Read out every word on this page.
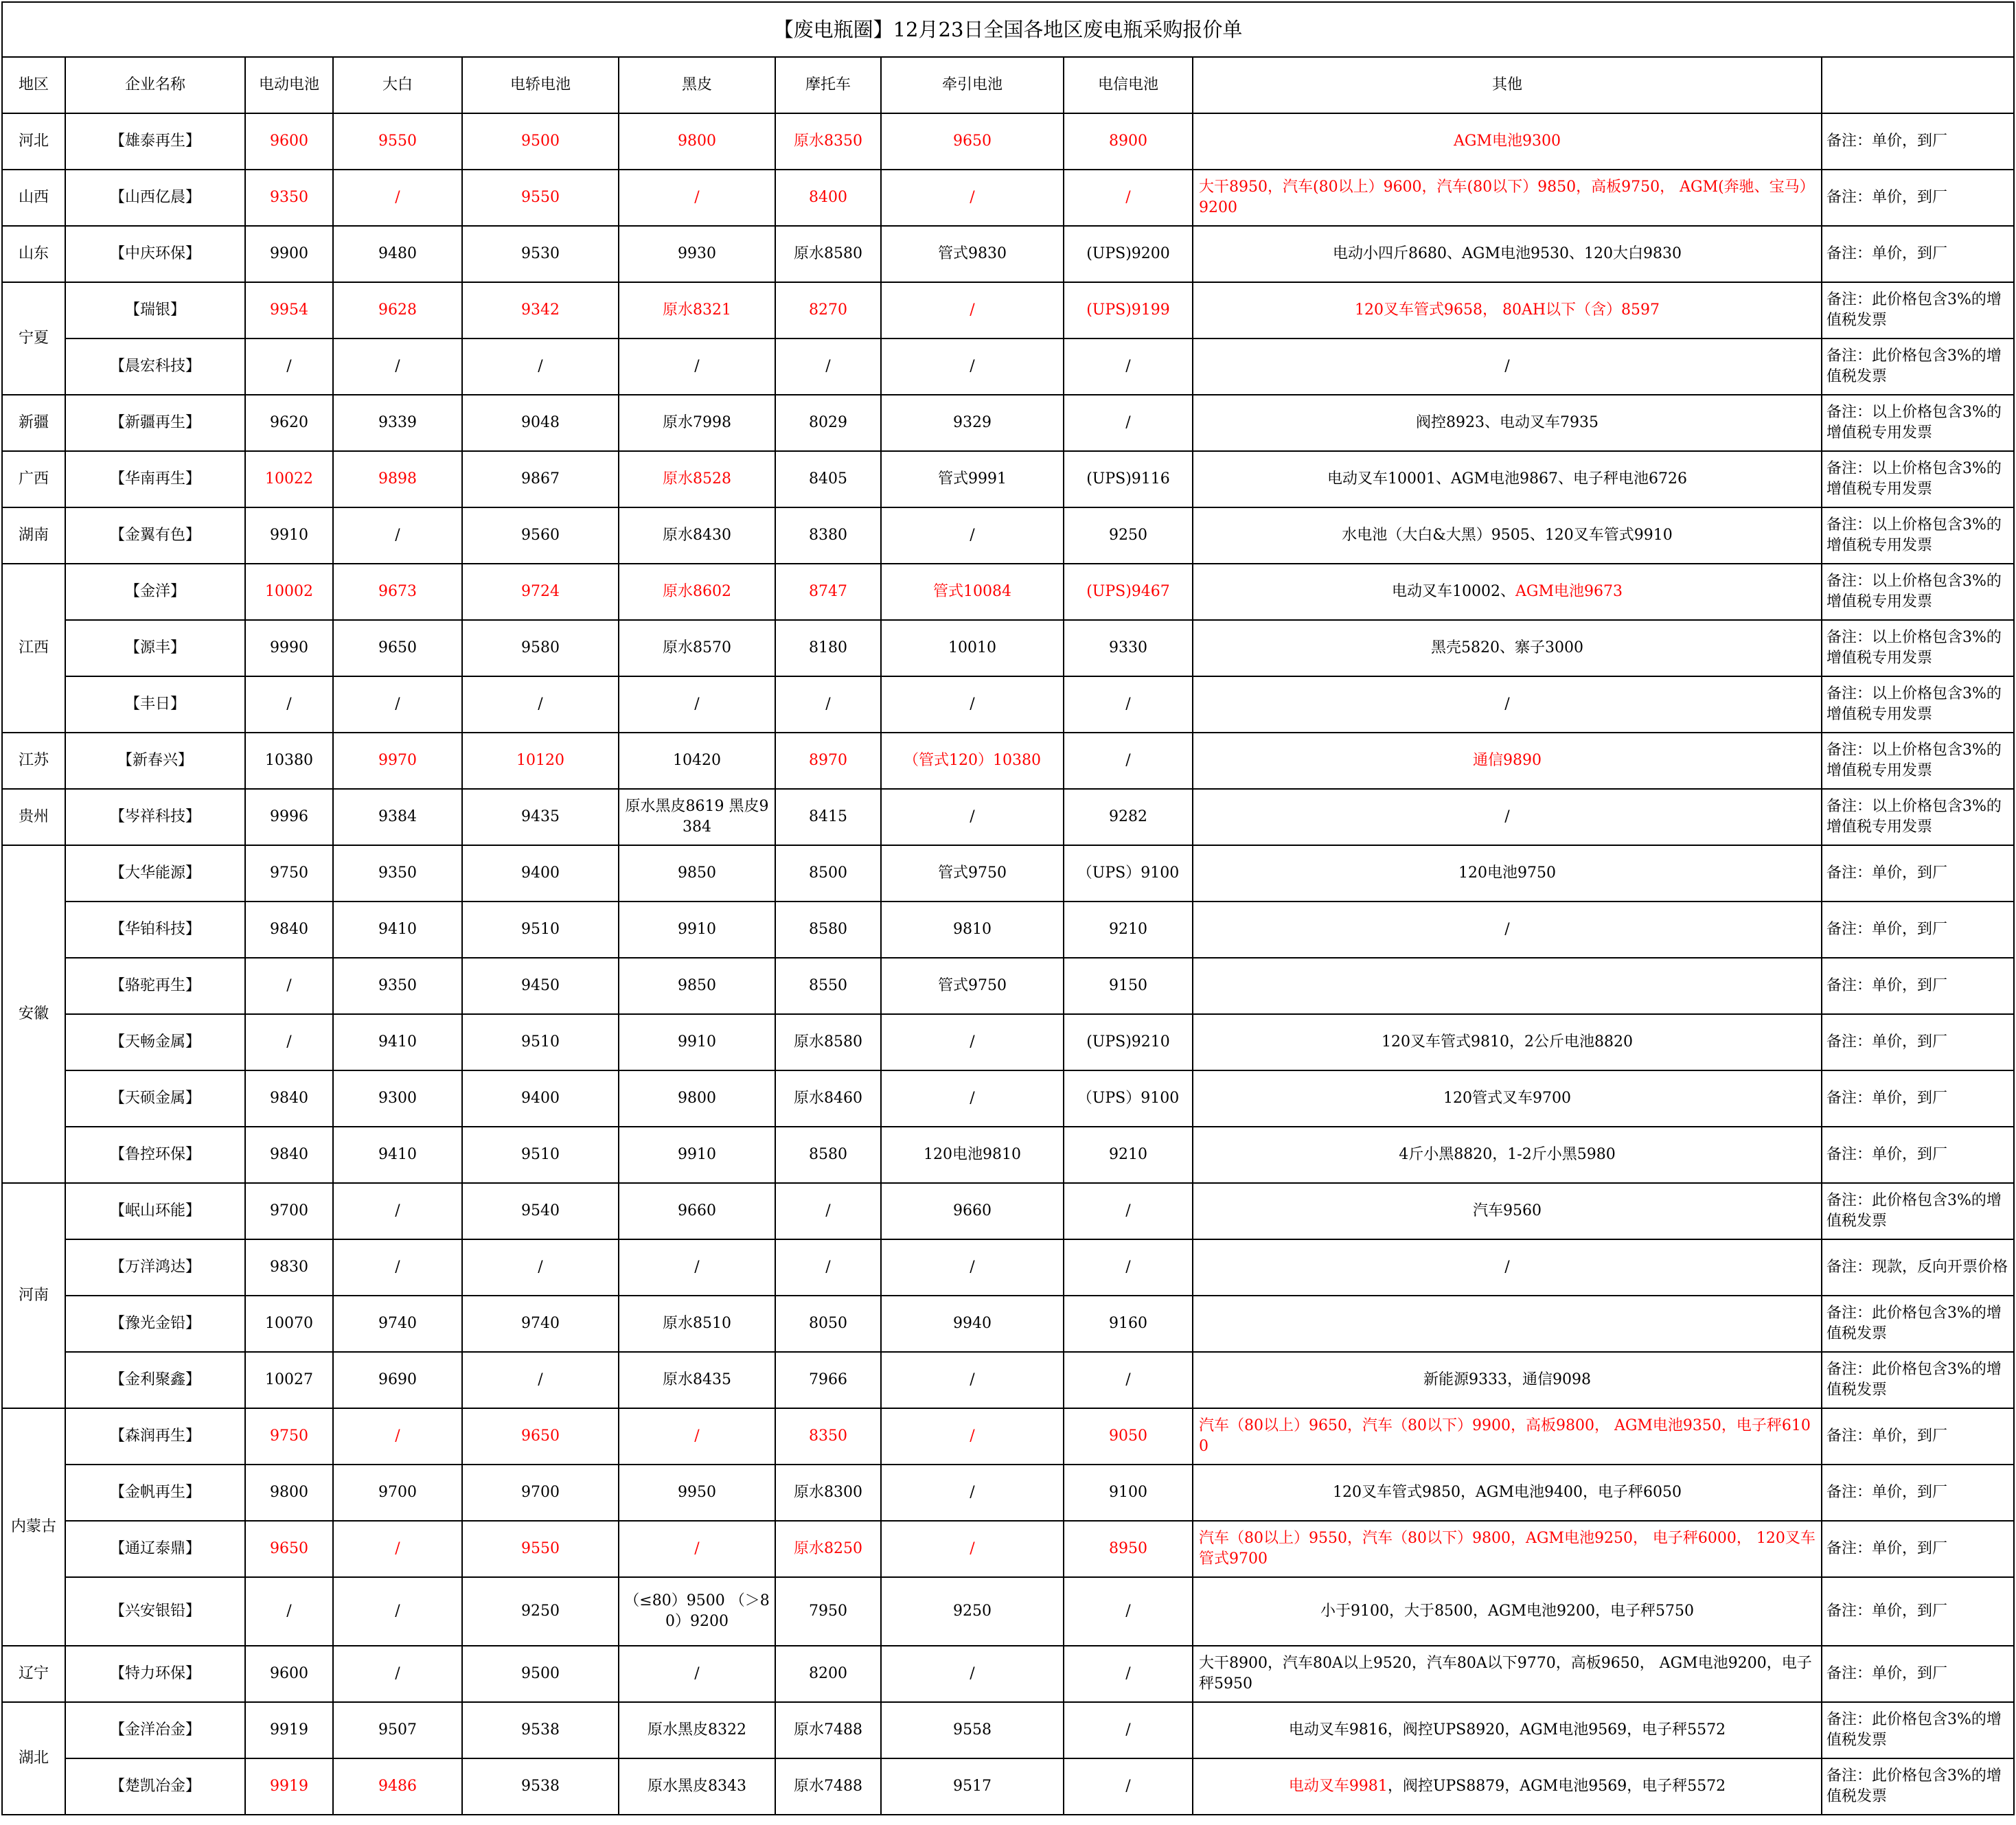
【废电瓶圈】12月23日全国各地区废电瓶采购报价单										
地区	企业名称	电动电池	大白	电轿电池	黑皮	摩托车	牵引电池	电信电池	其他	
河北	【雄泰再生】	9600	9550	9500	9800	原水8350	9650	8900	AGM电池9300	备注：单价，到厂
山西	【山西亿晨】	9350	/	9550	/	8400	/	/	大干8950，汽车(80以上）9600，汽车(80以下）9850，高板9750， AGM(奔驰、宝马）9200	备注：单价，到厂
山东	【中庆环保】	9900	9480	9530	9930	原水8580	管式9830	(UPS)9200	电动小四斤8680、AGM电池9530、120大白9830	备注：单价，到厂
宁夏	【瑞银】	9954	9628	9342	原水8321	8270	/	(UPS)9199	120叉车管式9658， 80AH以下（含）8597	备注：此价格包含3%的增值税发票
	【晨宏科技】	/	/	/	/	/	/	/	/	备注：此价格包含3%的增值税发票
新疆	【新疆再生】	9620	9339	9048	原水7998	8029	9329	/	阀控8923、电动叉车7935	备注：以上价格包含3%的增值税专用发票
广西	【华南再生】	10022	9898	9867	原水8528	8405	管式9991	(UPS)9116	电动叉车10001、AGM电池9867、电子秤电池6726	备注：以上价格包含3%的增值税专用发票
湖南	【金翼有色】	9910	/	9560	原水8430	8380	/	9250	水电池（大白&大黑）9505、120叉车管式9910	备注：以上价格包含3%的增值税专用发票
江西	【金洋】	10002	9673	9724	原水8602	8747	管式10084	(UPS)9467	电动叉车10002、AGM电池9673	备注：以上价格包含3%的增值税专用发票
	【源丰】	9990	9650	9580	原水8570	8180	10010	9330	黑壳5820、寨子3000	备注：以上价格包含3%的增值税专用发票
	【丰日】	/	/	/	/	/	/	/	/	备注：以上价格包含3%的增值税专用发票
江苏	【新春兴】	10380	9970	10120	10420	8970	（管式120）10380	/	通信9890	备注：以上价格包含3%的增值税专用发票
贵州	【岑祥科技】	9996	9384	9435	原水黑皮8619 黑皮9384	8415	/	9282	/	备注：以上价格包含3%的增值税专用发票
安徽	【大华能源】	9750	9350	9400	9850	8500	管式9750	（UPS）9100	120电池9750	备注：单价，到厂
	【华铂科技】	9840	9410	9510	9910	8580	9810	9210	/	备注：单价，到厂
	【骆驼再生】	/	9350	9450	9850	8550	管式9750	9150		备注：单价，到厂
	【天畅金属】	/	9410	9510	9910	原水8580	/	(UPS)9210	120叉车管式9810，2公斤电池8820	备注：单价，到厂
	【天硕金属】	9840	9300	9400	9800	原水8460	/	（UPS）9100	120管式叉车9700	备注：单价，到厂
	【鲁控环保】	9840	9410	9510	9910	8580	120电池9810	9210	4斤小黑8820，1-2斤小黑5980	备注：单价，到厂
河南	【岷山环能】	9700	/	9540	9660	/	9660	/	汽车9560	备注：此价格包含3%的增值税发票
	【万洋鸿达】	9830	/	/	/	/	/	/	/	备注：现款，反向开票价格
	【豫光金铅】	10070	9740	9740	原水8510	8050	9940	9160		备注：此价格包含3%的增值税发票
	【金利聚鑫】	10027	9690	/	原水8435	7966	/	/	新能源9333，通信9098	备注：此价格包含3%的增值税发票
内蒙古	【森润再生】	9750	/	9650	/	8350	/	9050	汽车（80以上）9650，汽车（80以下）9900，高板9800， AGM电池9350，电子秤6100	备注：单价，到厂
	【金帆再生】	9800	9700	9700	9950	原水8300	/	9100	120叉车管式9850，AGM电池9400，电子秤6050	备注：单价，到厂
	【通辽泰鼎】	9650	/	9550	/	原水8250	/	8950	汽车（80以上）9550，汽车（80以下）9800，AGM电池9250， 电子秤6000， 120叉车管式9700	备注：单价，到厂
	【兴安银铅】	/	/	9250	（≤80）9500 （＞80）9200	7950	9250	/	小于9100，大于8500，AGM电池9200，电子秤5750	备注：单价，到厂
辽宁	【特力环保】	9600	/	9500	/	8200	/	/	大干8900，汽车80A以上9520，汽车80A以下9770，高板9650， AGM电池9200，电子秤5950	备注：单价，到厂
湖北	【金洋冶金】	9919	9507	9538	原水黑皮8322	原水7488	9558	/	电动叉车9816，阀控UPS8920，AGM电池9569，电子秤5572	备注：此价格包含3%的增值税发票
	【楚凯冶金】	9919	9486	9538	原水黑皮8343	原水7488	9517	/	电动叉车9981，阀控UPS8879，AGM电池9569，电子秤5572	备注：此价格包含3%的增值税发票
